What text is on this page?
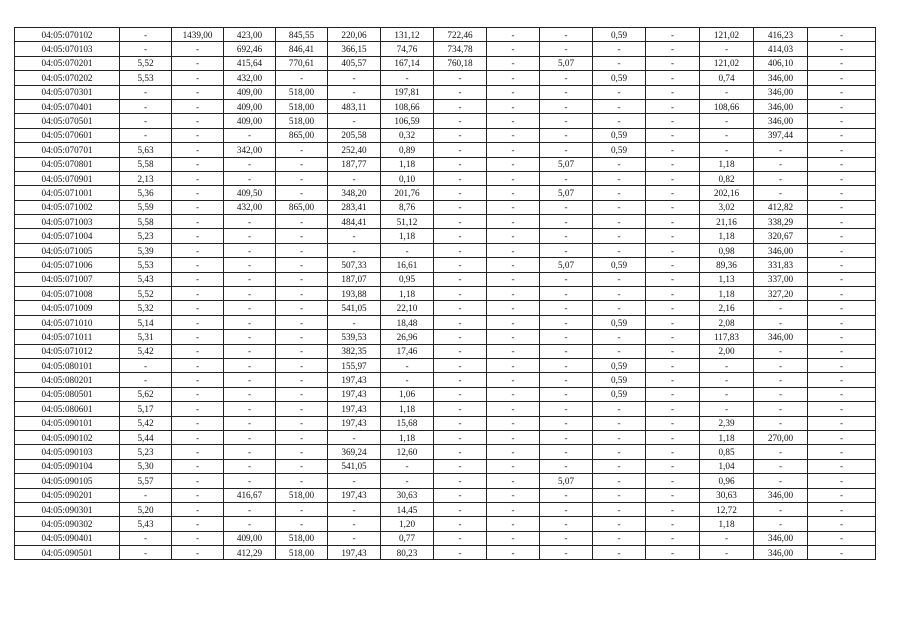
04:05:070102	-	1439,00	423,00	845,55	220,06	131,12	722,46	-	-	0,59	-	121,02	416,23	-
04:05:070103	-	-	692,46	846,41	366,15	74,76	734,78	-	-	-	-	-	414,03	-
04:05:070201	5,52	-	415,64	770,61	405,57	167,14	760,18	-	5,07	-	-	121,02	406,10	-
04:05:070202	5,53	-	432,00	-	-	-	-	-	-	0,59	-	0,74	346,00	-
04:05:070301	-	-	409,00	518,00	-	197,81	-	-	-	-	-	-	346,00	-
04:05:070401	-	-	409,00	518,00	483,11	108,66	-	-	-	-	-	108,66	346,00	-
04:05:070501	-	-	409,00	518,00	-	106,59	-	-	-	-	-	-	346,00	-
04:05:070601	-	-	-	865,00	205,58	0,32	-	-	-	0,59	-	-	397,44	-
04:05:070701	5,63	-	342,00	-	252,40	0,89	-	-	-	0,59	-	-	-	-
04:05:070801	5,58	-	-	-	187,77	1,18	-	-	5,07	-	-	1,18	-	-
04:05:070901	2,13	-	-	-	-	0,10	-	-	-	-	-	0,82	-	-
04:05:071001	5,36	-	409,50	-	348,20	201,76	-	-	5,07	-	-	202,16	-	-
04:05:071002	5,59	-	432,00	865,00	283,41	8,76	-	-	-	-	-	3,02	412,82	-
04:05:071003	5,58	-	-	-	484,41	51,12	-	-	-	-	-	21,16	338,29	-
04:05:071004	5,23	-	-	-	-	1,18	-	-	-	-	-	1,18	320,67	-
04:05:071005	5,39	-	-	-	-	-	-	-	-	-	-	0,98	346,00	-
04:05:071006	5,53	-	-	-	507,33	16,61	-	-	5,07	0,59	-	89,36	331,83	-
04:05:071007	5,43	-	-	-	187,07	0,95	-	-	-	-	-	1,13	337,00	-
04:05:071008	5,52	-	-	-	193,88	1,18	-	-	-	-	-	1,18	327,20	-
04:05:071009	5,32	-	-	-	541,05	22,10	-	-	-	-	-	2,16	-	-
04:05:071010	5,14	-	-	-	-	18,48	-	-	-	0,59	-	2,08	-	-
04:05:071011	5,31	-	-	-	539,53	26,96	-	-	-	-	-	117,83	346,00	-
04:05:071012	5,42	-	-	-	382,35	17,46	-	-	-	-	-	2,00	-	-
04:05:080101	-	-	-	-	155,97	-	-	-	-	0,59	-	-	-	-
04:05:080201	-	-	-	-	197,43	-	-	-	-	0,59	-	-	-	-
04:05:080501	5,62	-	-	-	197,43	1,06	-	-	-	0,59	-	-	-	-
04:05:080601	5,17	-	-	-	197,43	1,18	-	-	-	-	-	-	-	-
04:05:090101	5,42	-	-	-	197,43	15,68	-	-	-	-	-	2,39	-	-
04:05:090102	5,44	-	-	-	-	1,18	-	-	-	-	-	1,18	270,00	-
04:05:090103	5,23	-	-	-	369,24	12,60	-	-	-	-	-	0,85	-	-
04:05:090104	5,30	-	-	-	541,05	-	-	-	-	-	-	1,04	-	-
04:05:090105	5,57	-	-	-	-	-	-	-	5,07	-	-	0,96	-	-
04:05:090201	-	-	416,67	518,00	197,43	30,63	-	-	-	-	-	30,63	346,00	-
04:05:090301	5,20	-	-	-	-	14,45	-	-	-	-	-	12,72	-	-
04:05:090302	5,43	-	-	-	-	1,20	-	-	-	-	-	1,18	-	-
04:05:090401	-	-	409,00	518,00	-	0,77	-	-	-	-	-	-	346,00	-
04:05:090501	-	-	412,29	518,00	197,43	80,23	-	-	-	-	-	-	346,00	-
